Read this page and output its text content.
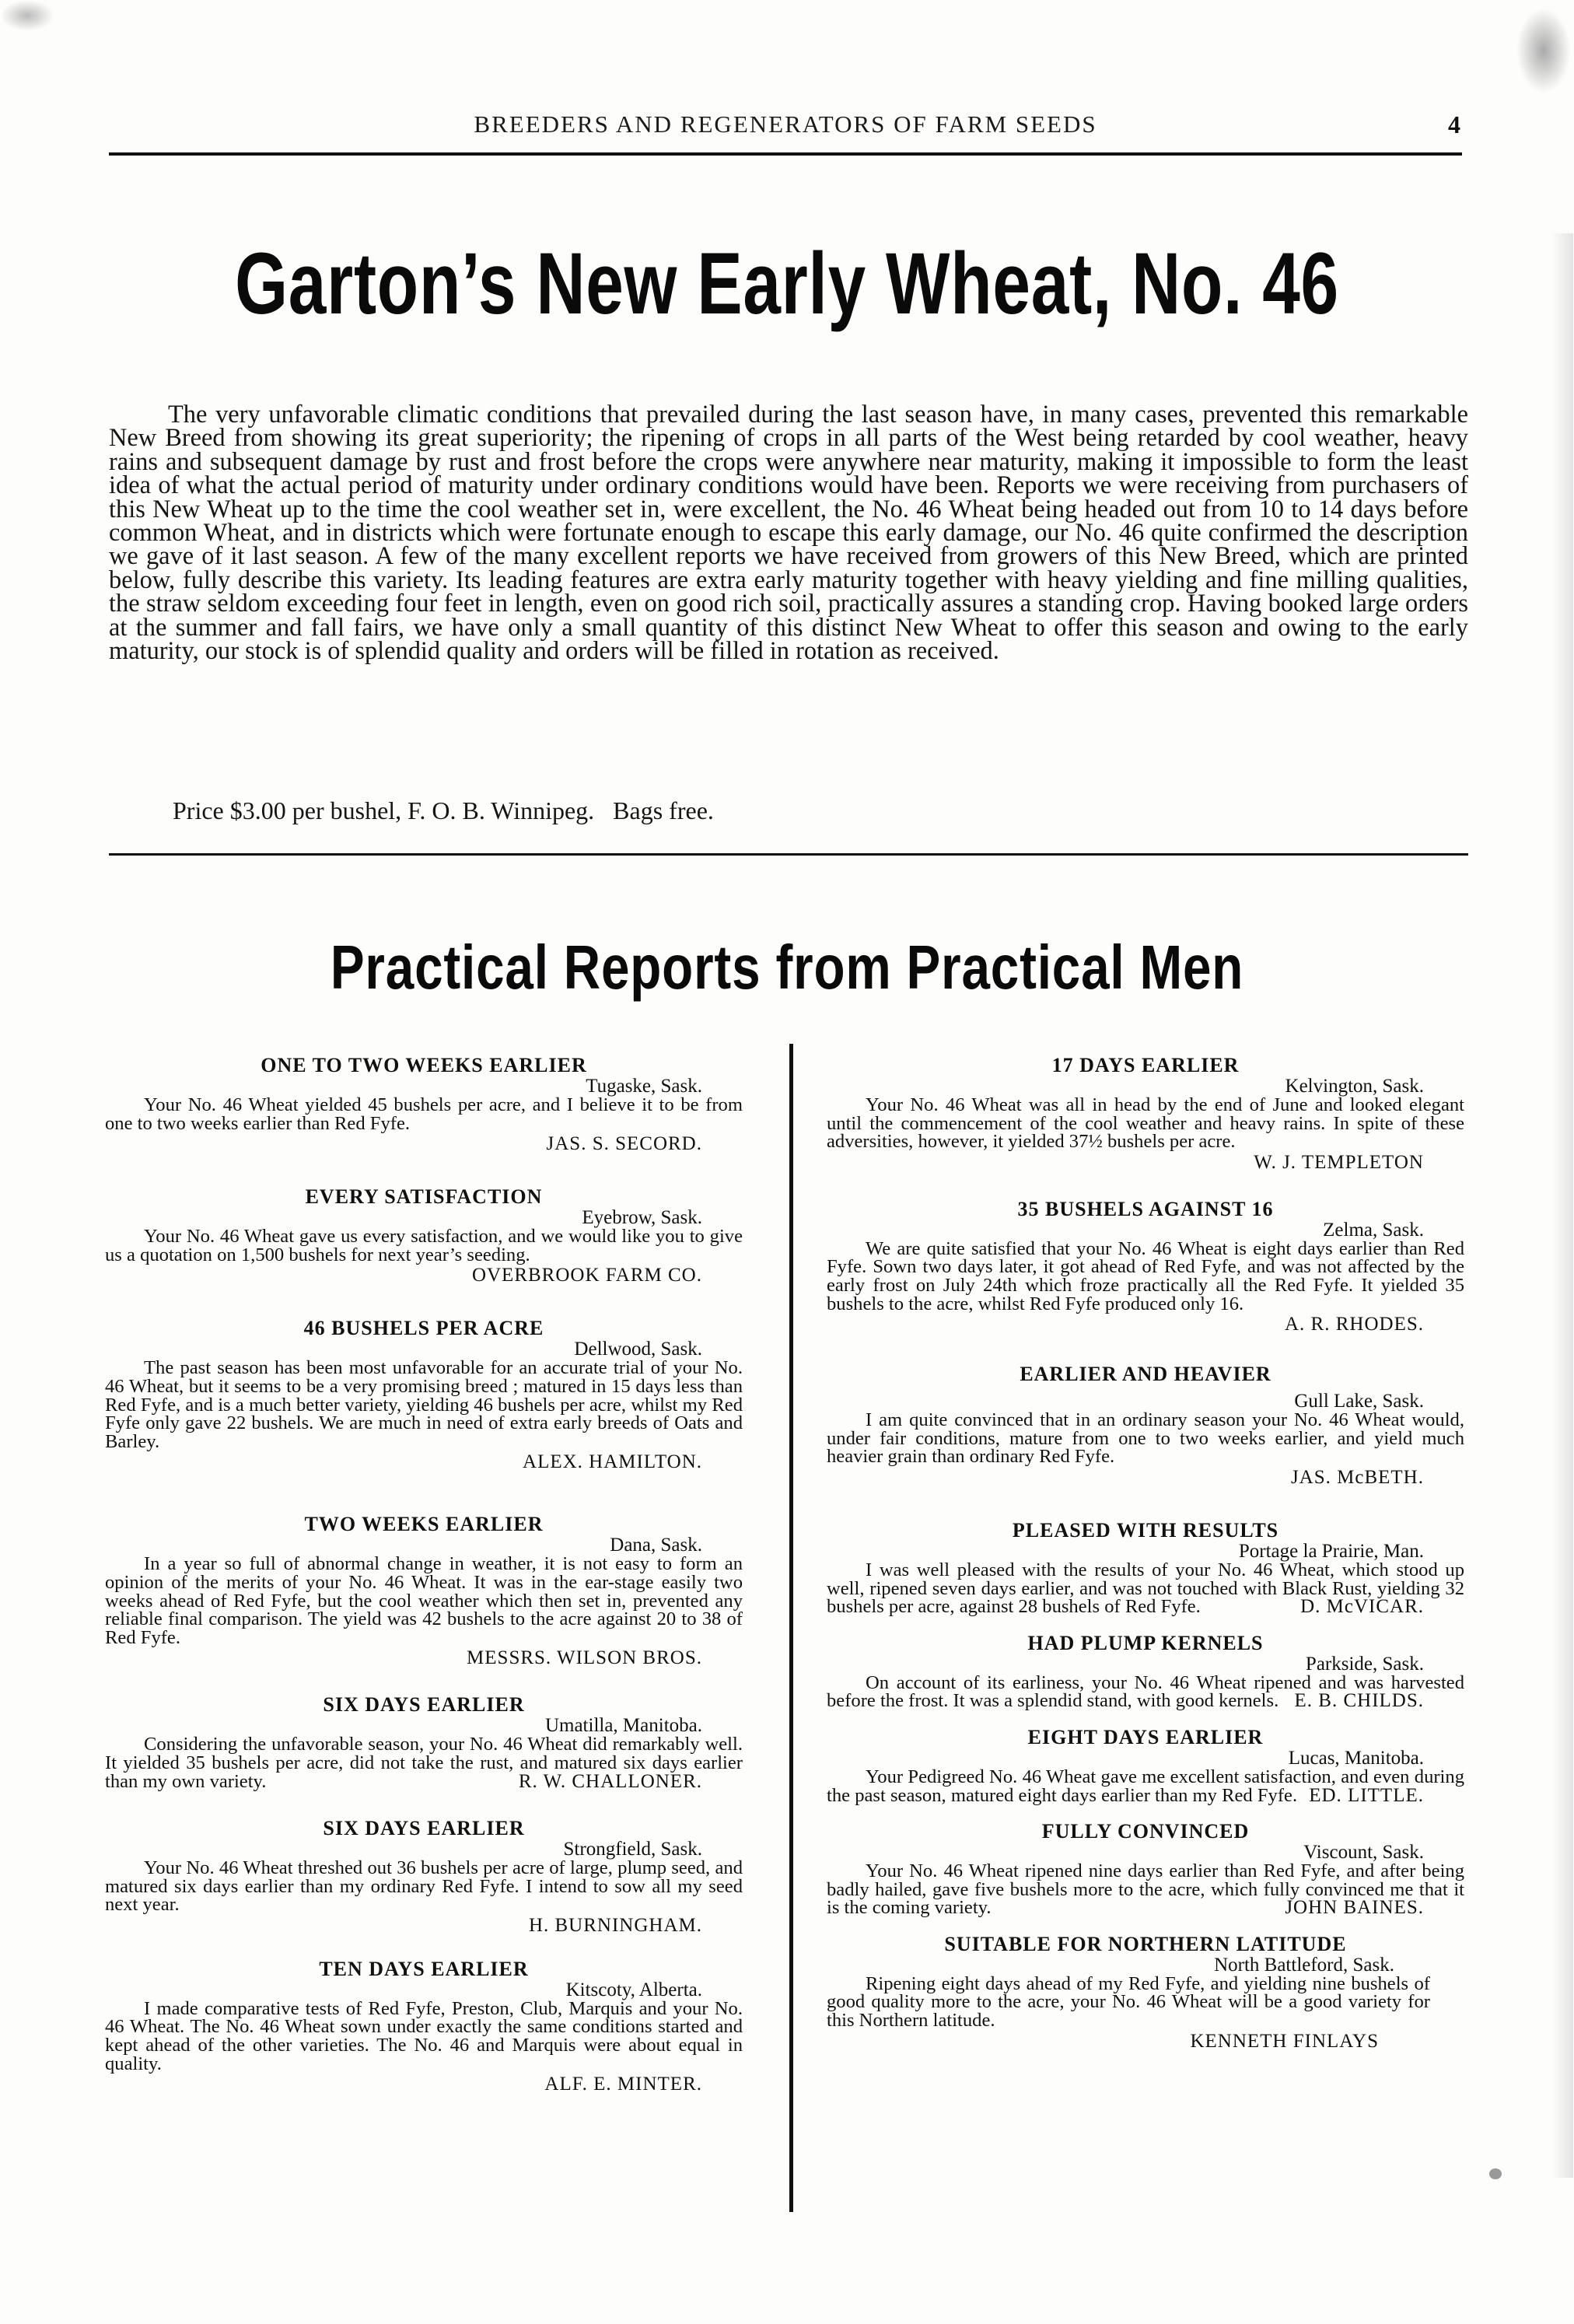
BREEDERS AND REGENERATORS OF FARM SEEDS	4
Garton’s New Early Wheat, No. 46

The very unfavorable climatic conditions that prevailed during the last season have, in many cases, prevented this remarkable New Breed from showing its great superiority; the ripening of crops in all parts of the West being retarded by cool weather, heavy rains and subsequent damage by rust and frost before the crops were anywhere near maturity, making it impossible to form the least idea of what the actual period of maturity under ordinary conditions would have been. Reports we were receiving from purchasers of this New Wheat up to the time the cool weather set in, were excellent, the No. 46 Wheat being headed out from 10 to 14 days before common Wheat, and in districts which were fortunate enough to escape this early damage, our No. 46 quite confirmed the description we gave of it last season. A few of the many excellent reports we have received from growers of this New Breed, which are printed below, fully describe this variety. Its leading features are extra early maturity together with heavy yielding and fine milling qualities, the straw seldom exceeding four feet in length, even on good rich soil, practically assures a standing crop. Having booked large orders at the summer and fall fairs, we have only a small quantity of this distinct New Wheat to offer this season and owing to the early maturity, our stock is of splendid quality and orders will be filled in rotation as received.

Price $3.00 per bushel, F. O. B. Winnipeg.   Bags free.
Practical Reports from Practical Men
ONE TO TWO WEEKS EARLIER
Tugaske, Sask.

Your No. 46 Wheat yielded 45 bushels per acre, and I believe it to be from one to two weeks earlier than Red Fyfe.

JAS. S. SECORD.
EVERY SATISFACTION
Eyebrow, Sask.

Your No. 46 Wheat gave us every satisfaction, and we would like you to give us a quotation on 1,500 bushels for next year’s seeding.

OVERBROOK FARM CO.
46 BUSHELS PER ACRE
Dellwood, Sask.

The past season has been most unfavorable for an accurate trial of your No. 46 Wheat, but it seems to be a very promising breed ; matured in 15 days less than Red Fyfe, and is a much better variety, yielding 46 bushels per acre, whilst my Red Fyfe only gave 22 bushels. We are much in need of extra early breeds of Oats and Barley.

ALEX. HAMILTON.
TWO WEEKS EARLIER
Dana, Sask.

In a year so full of abnormal change in weather, it is not easy to form an opinion of the merits of your No. 46 Wheat. It was in the ear-stage easily two weeks ahead of Red Fyfe, but the cool weather which then set in, prevented any reliable final comparison. The yield was 42 bushels to the acre against 20 to 38 of Red Fyfe.

MESSRS. WILSON BROS.
SIX DAYS EARLIER
Umatilla, Manitoba.

Considering the unfavorable season, your No. 46 Wheat did remarkably well. It yielded 35 bushels per acre, did not take the rust, and matured six days earlier than my own variety.	R. W. CHALLONER.
SIX DAYS EARLIER
Strongfield, Sask.

Your No. 46 Wheat threshed out 36 bushels per acre of large, plump seed, and matured six days earlier than my ordinary Red Fyfe. I intend to sow all my seed next year.

H. BURNINGHAM.
TEN DAYS EARLIER
Kitscoty, Alberta.

I made comparative tests of Red Fyfe, Preston, Club, Marquis and your No. 46 Wheat. The No. 46 Wheat sown under exactly the same conditions started and kept ahead of the other varieties. The No. 46 and Marquis were about equal in quality.

ALF. E. MINTER.
17 DAYS EARLIER
Kelvington, Sask.

Your No. 46 Wheat was all in head by the end of June and looked elegant until the commencement of the cool weather and heavy rains. In spite of these adversities, however, it yielded 37½ bushels per acre.

W. J. TEMPLETON
35 BUSHELS AGAINST 16
Zelma, Sask.

We are quite satisfied that your No. 46 Wheat is eight days earlier than Red Fyfe. Sown two days later, it got ahead of Red Fyfe, and was not affected by the early frost on July 24th which froze practically all the Red Fyfe. It yielded 35 bushels to the acre, whilst Red Fyfe produced only 16.

A. R. RHODES.
EARLIER AND HEAVIER
Gull Lake, Sask.

I am quite convinced that in an ordinary season your No. 46 Wheat would, under fair conditions, mature from one to two weeks earlier, and yield much heavier grain than ordinary Red Fyfe.

JAS. McBETH.
PLEASED WITH RESULTS
Portage la Prairie, Man.

I was well pleased with the results of your No. 46 Wheat, which stood up well, ripened seven days earlier, and was not touched with Black Rust, yielding 32 bushels per acre, against 28 bushels of Red Fyfe.	D. McVICAR.
HAD PLUMP KERNELS
Parkside, Sask.

On account of its earliness, your No. 46 Wheat ripened and was harvested before the frost. It was a splendid stand, with good kernels. E. B. CHILDS.
EIGHT DAYS EARLIER
Lucas, Manitoba.

Your Pedigreed No. 46 Wheat gave me excellent satisfaction, and even during the past season, matured eight days earlier than my Red Fyfe. ED. LITTLE.
FULLY CONVINCED
Viscount, Sask.

Your No. 46 Wheat ripened nine days earlier than Red Fyfe, and after being badly hailed, gave five bushels more to the acre, which fully convinced me that it is the coming variety.	JOHN BAINES.
SUITABLE FOR NORTHERN LATITUDE
North Battleford, Sask.

Ripening eight days ahead of my Red Fyfe, and yielding nine bushels of good quality more to the acre, your No. 46 Wheat will be a good variety for this Northern latitude.

KENNETH FINLAYS
